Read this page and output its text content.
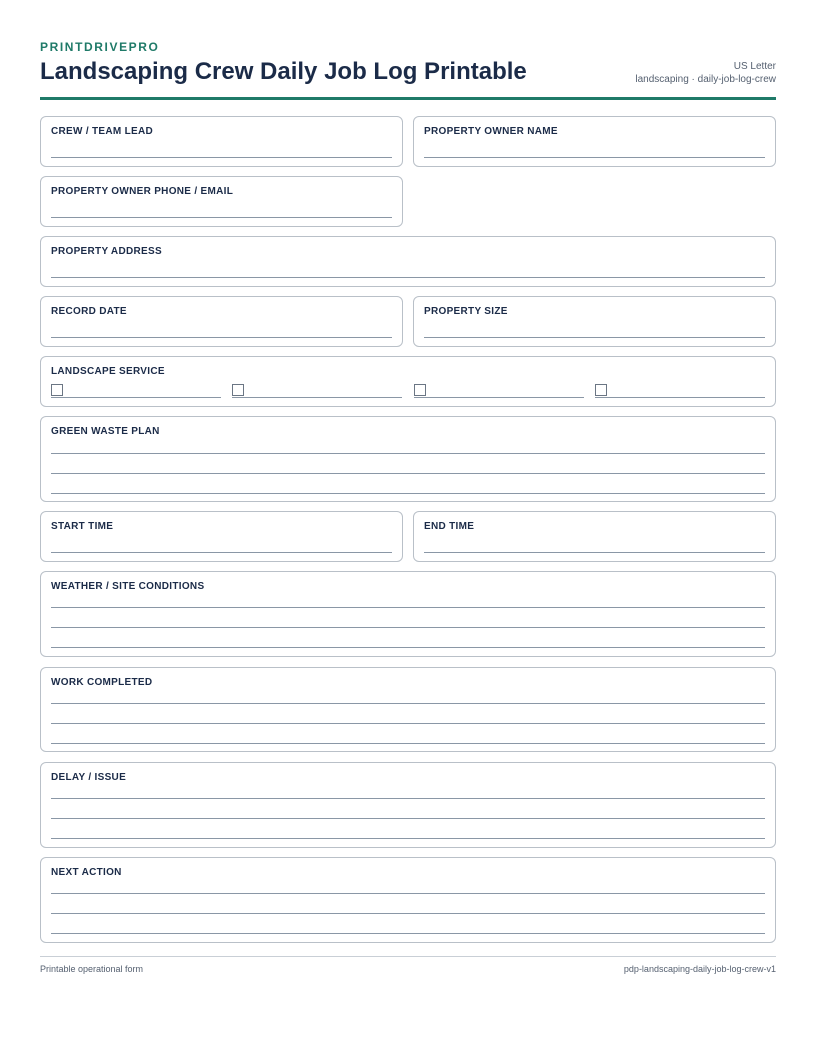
PRINTDRIVEPRO
Landscaping Crew Daily Job Log Printable	US Letter
landscaping · daily-job-log-crew
CREW / TEAM LEAD	PROPERTY OWNER NAME
PROPERTY OWNER PHONE / EMAIL
PROPERTY ADDRESS
RECORD DATE	PROPERTY SIZE
LANDSCAPE SERVICE
GREEN WASTE PLAN
START TIME	END TIME
WEATHER / SITE CONDITIONS
WORK COMPLETED
DELAY / ISSUE
NEXT ACTION
Printable operational form	pdp-landscaping-daily-job-log-crew-v1
